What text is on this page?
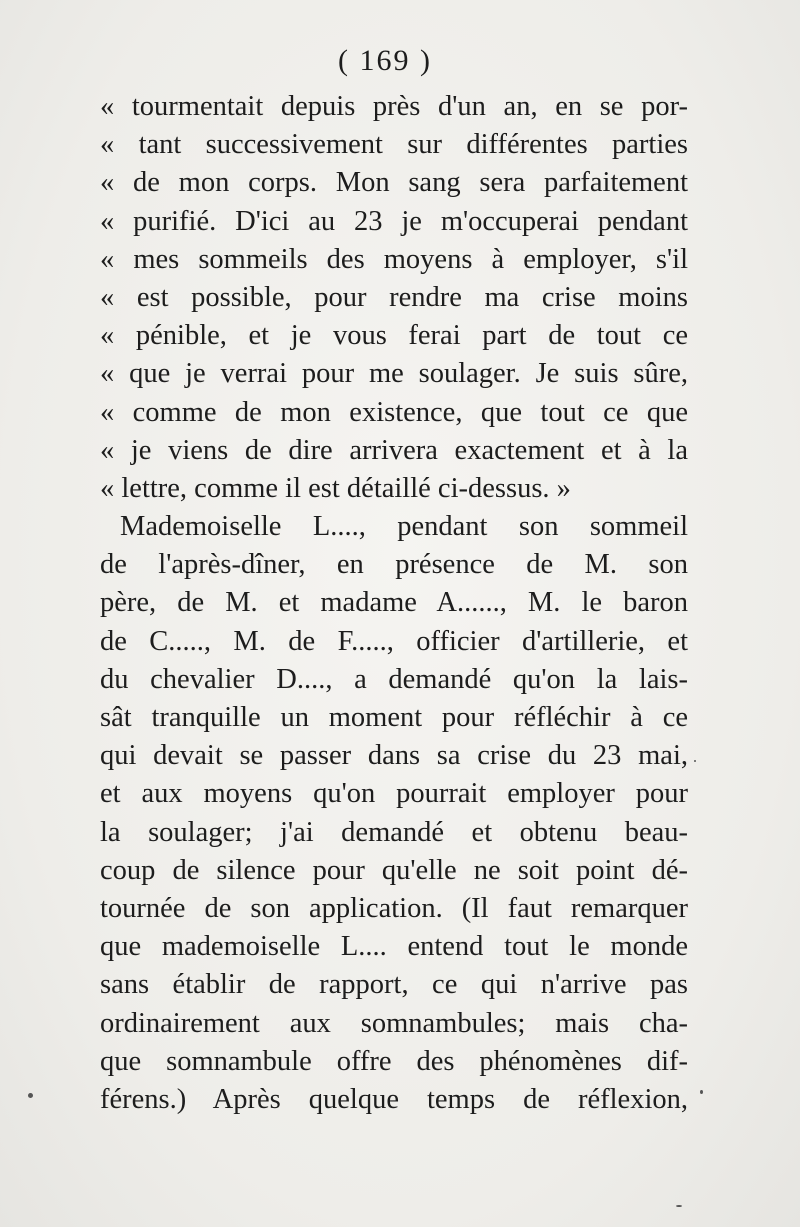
( 169 )
« tourmentait depuis près d'un an, en se por-
« tant successivement sur différentes parties
« de mon corps. Mon sang sera parfaitement
« purifié. D'ici au 23 je m'occuperai pendant
« mes sommeils des moyens à employer, s'il
« est possible, pour rendre ma crise moins
« pénible, et je vous ferai part de tout ce
« que je verrai pour me soulager. Je suis sûre,
« comme de mon existence, que tout ce que
« je viens de dire arrivera exactement et à la
« lettre, comme il est détaillé ci-dessus. »
Mademoiselle L...., pendant son sommeil
de l'après-dîner, en présence de M. son
père, de M. et madame A......, M. le baron
de C....., M. de F....., officier d'artillerie, et
du chevalier D...., a demandé qu'on la lais-
sât tranquille un moment pour réfléchir à ce
qui devait se passer dans sa crise du 23 mai,
et aux moyens qu'on pourrait employer pour
la soulager; j'ai demandé et obtenu beau-
coup de silence pour qu'elle ne soit point dé-
tournée de son application. (Il faut remarquer
que mademoiselle L.... entend tout le monde
sans établir de rapport, ce qui n'arrive pas
ordinairement aux somnambules; mais cha-
que somnambule offre des phénomènes dif-
férens.) Après quelque temps de réflexion,
